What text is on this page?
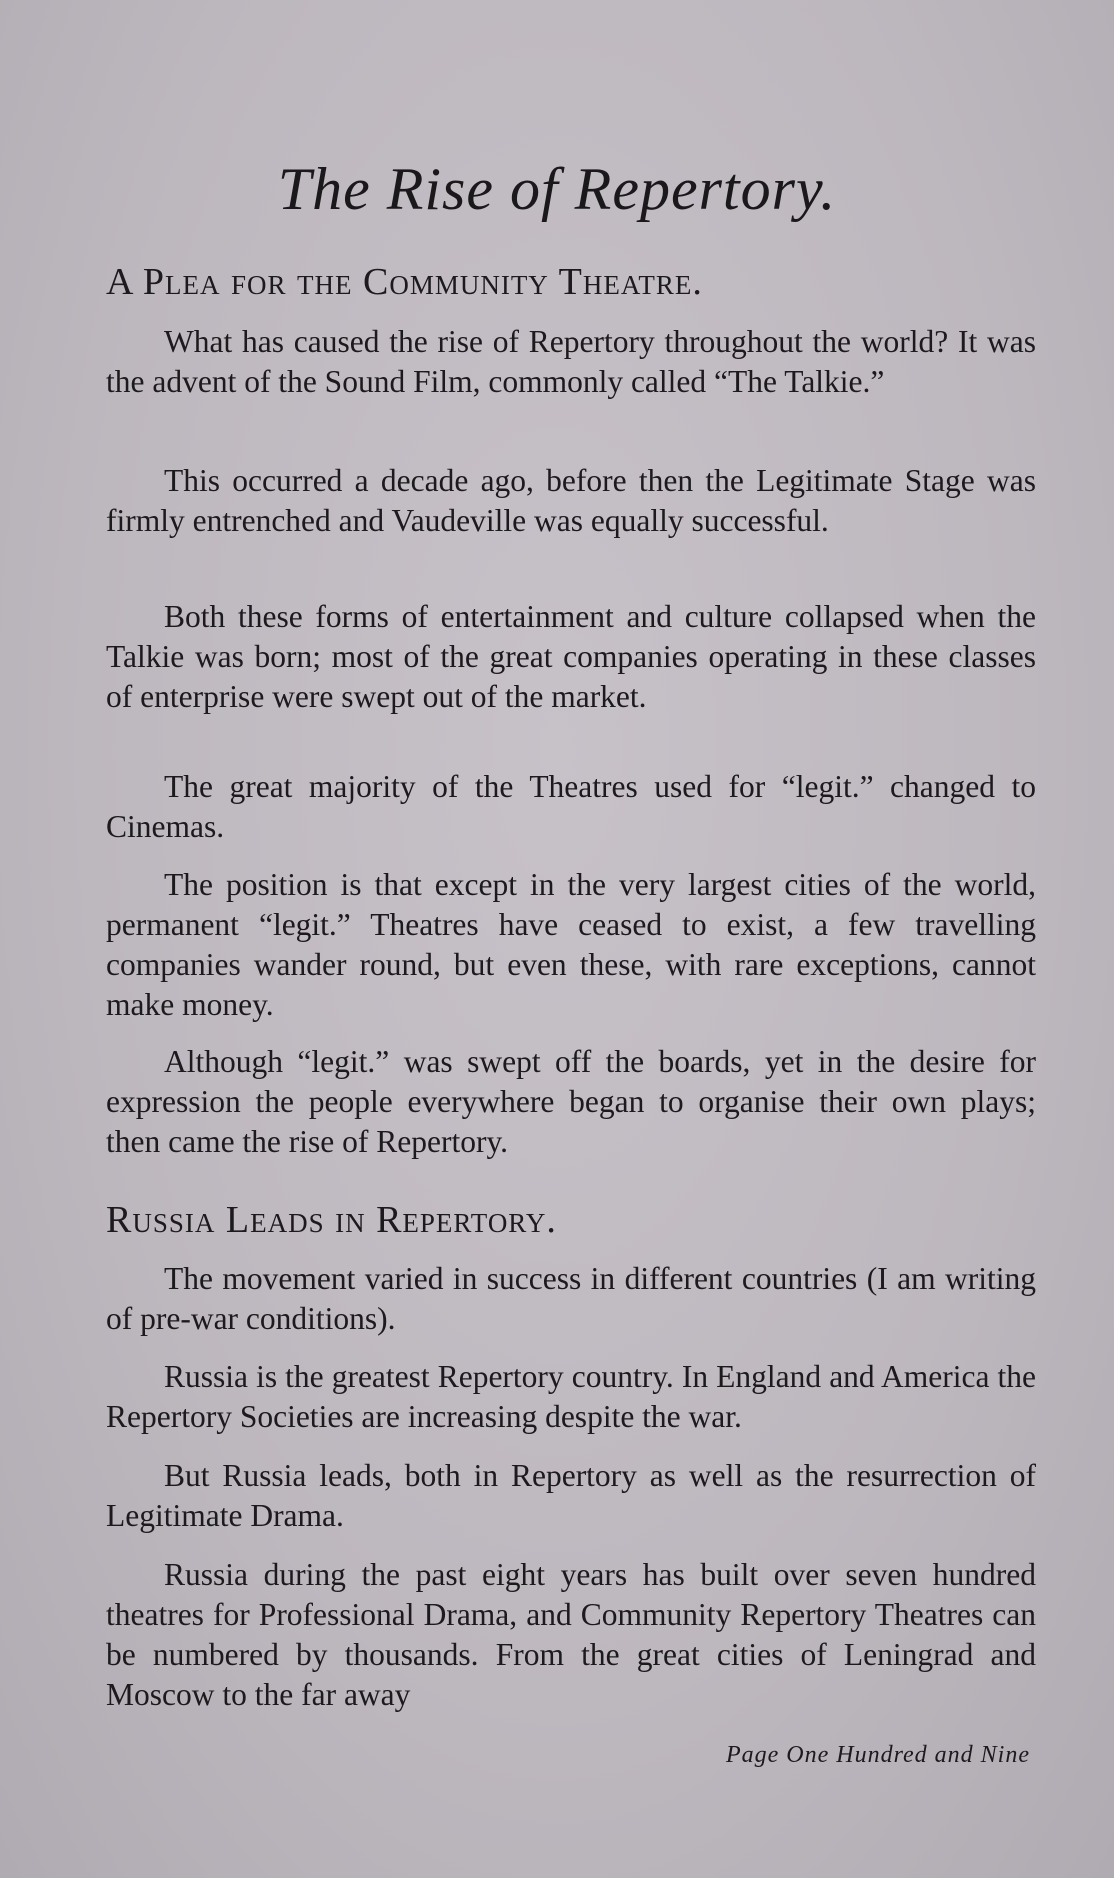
The Rise of Repertory.
A Plea for the Community Theatre.

What has caused the rise of Repertory throughout the world? It was the advent of the Sound Film, commonly called “The Talkie.”

This occurred a decade ago, before then the Legitimate Stage was firmly entrenched and Vaudeville was equally successful.

Both these forms of entertainment and culture collapsed when the Talkie was born; most of the great companies operating in these classes of enterprise were swept out of the market.

The great majority of the Theatres used for “legit.” changed to Cinemas.

The position is that except in the very largest cities of the world, permanent “legit.” Theatres have ceased to exist, a few travelling companies wander round, but even these, with rare exceptions, cannot make money.

Although “legit.” was swept off the boards, yet in the desire for expression the people everywhere began to organise their own plays; then came the rise of Repertory.

Russia Leads in Repertory.

The movement varied in success in different countries (I am writing of pre-war conditions).

Russia is the greatest Repertory country. In England and America the Repertory Societies are increasing despite the war.

But Russia leads, both in Repertory as well as the resurrection of Legitimate Drama.

Russia during the past eight years has built over seven hundred theatres for Professional Drama, and Community Repertory Theatres can be numbered by thousands. From the great cities of Leningrad and Moscow to the far away

Page One Hundred and Nine
